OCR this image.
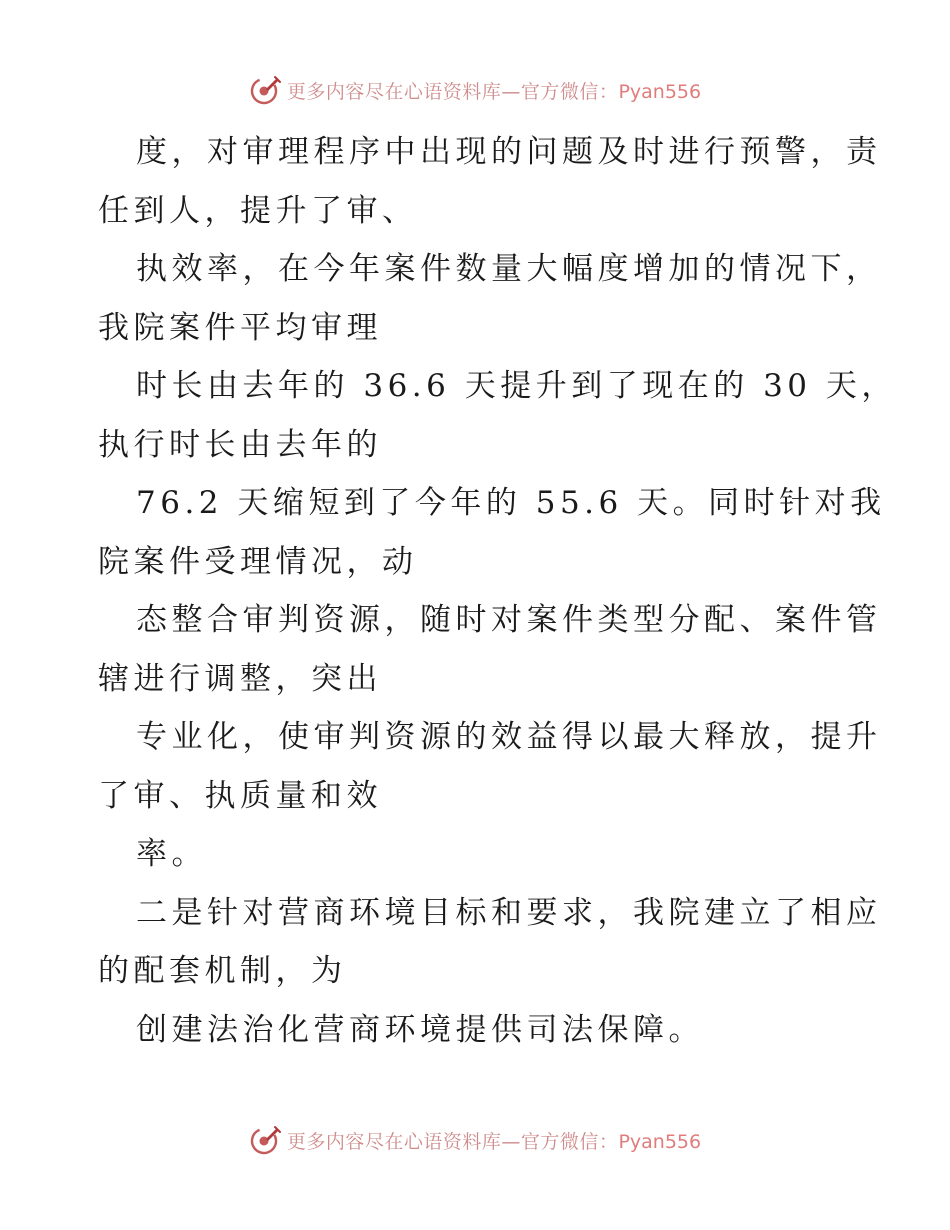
更多内容尽在心语资料库—官方微信：Pyan556
度，对审理程序中出现的问题及时进行预警，责
任到人，提升了审、
执效率，在今年案件数量大幅度增加的情况下，
我院案件平均审理
时长由去年的 36.6 天提升到了现在的 30 天，
执行时长由去年的
76.2 天缩短到了今年的 55.6 天。同时针对我
院案件受理情况，动
态整合审判资源，随时对案件类型分配、案件管
辖进行调整，突出
专业化，使审判资源的效益得以最大释放，提升
了审、执质量和效
率。
二是针对营商环境目标和要求，我院建立了相应
的配套机制，为
创建法治化营商环境提供司法保障。
更多内容尽在心语资料库—官方微信：Pyan556
